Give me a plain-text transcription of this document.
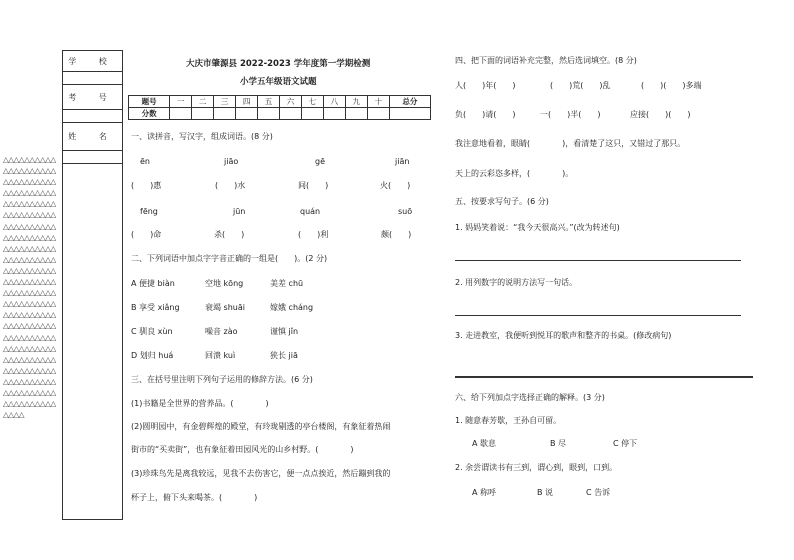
学 校
考 号
姓 名
△△△△△△△△△△△△△△△△△△△△△△△△△△△△△△△△△△△△△△△△△△△△△△△△△△△△△△△△△△△△△△△△△△△△△△△△△△△△△△△△△△△△△△△△△△△△△△△△△△△△△△△△△△△△△△△△△△△△△△△△△△△△△△△△△△△△△△△△△△△△△△△△△△△△△△△△△△△△△△△△△△△△△△△△△△△△△△△△△△△△△△△△△△△△△△△△△△△△△△△△△△△△△△△△△△△△△△△△△△△△△△△△△△△△△△△△△△
大庆市肇源县 2022-2023 学年度第一学期检测
小学五年级语文试题
题号	一	二	三	四	五	六	七	八	九	十	总分
分数											
一、读拼音，写汉字，组成词语。(8 分)
ēn	jiāo	gē	jiān
(　　)惠	(　　)水	间(　　)	火(　　)
fēng	jūn	quán	suō
(　　)命	杀(　　)	(　　)利	颇(　　)
二、下列词语中加点字字音正确的一组是(　　)。(2 分)
A 便捷 biàn	空地 kōng	美差 chū
B 享受 xiǎng	衰竭 shuāi	嫁娥 cháng
C 驯良 xùn	噪音 zào	谨慎 jǐn
D 划归 huá	回溃 kuì	狭长 jiā
三、在括号里注明下列句子运用的修辞方法。(6 分)
(1)书籍是全世界的营养品。(　　　　)
(2)圆明园中，有金碧辉煌的殿堂，有玲珑剔透的亭台楼阁，有象征着热闹
街市的“买卖街”，也有象征着田园风光的山乡村野。(　　　　)
(3)珍珠鸟先是离我较远，见我不去伤害它，便一点点挨近，然后蹦到我的
杯子上，俯下头来喝茶。(　　　　)
四、把下面的词语补充完整，然后选词填空。(8 分)
人(　　)年(　　)	(　　)荒(　　)乱	(　　)(　　)多端
负(　　)请(　　)	一(　　)半(　　)	应接(　　)(　　)
我注意地看着，眼睛(　　　　)，看清楚了这只，又错过了那只。
天上的云彩恣多样，(　　　　)。
五、按要求写句子。(6 分)
1. 妈妈笑着说：“我今天很高兴。”(改为转述句)
2. 用列数字的说明方法写一句话。
3. 走进教室，我便听到悦耳的歌声和整齐的书桌。(修改病句)
六、给下列加点字选择正确的解释。(3 分)
1. 随意春芳歇，王孙自可留。
A 歇息	B 尽	C 停下
2. 余尝谓读书有三到，谓心到，眼到，口到。
A 称呼	B 说	C 告诉
